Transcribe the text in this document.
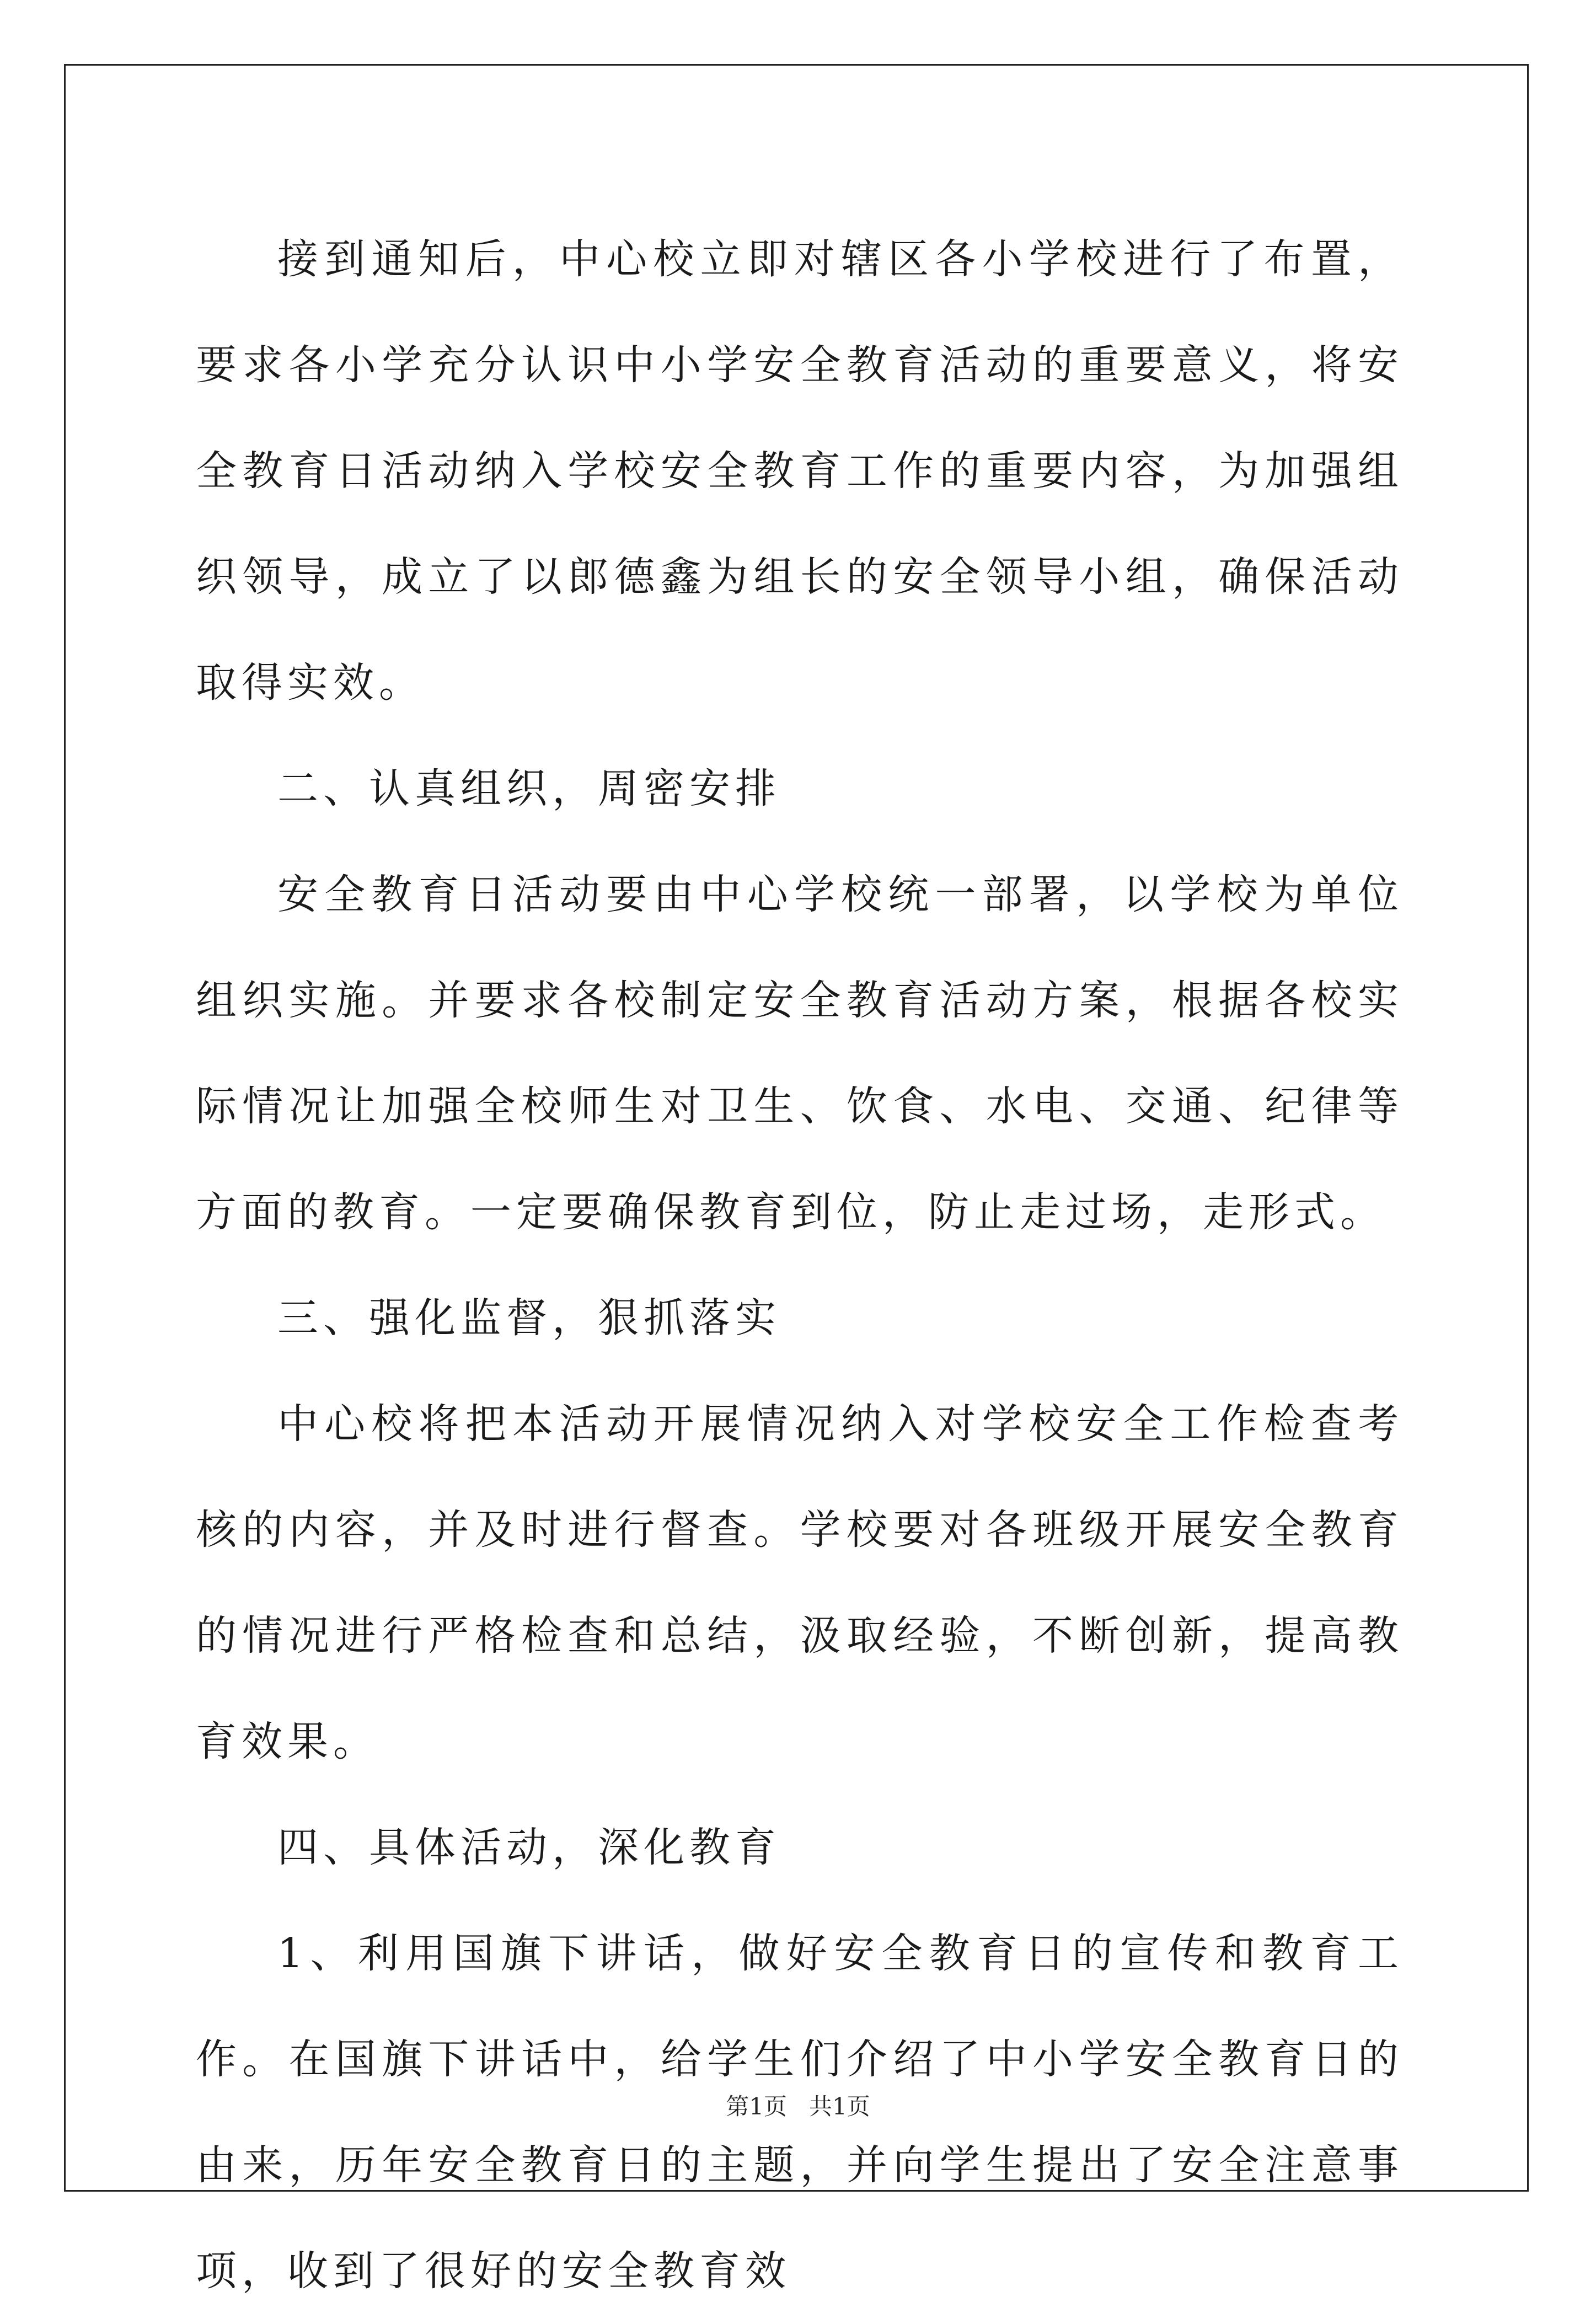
接到通知后，中心校立即对辖区各小学校进行了布置，要求各小学充分认识中小学安全教育活动的重要意义，将安全教育日活动纳入学校安全教育工作的重要内容，为加强组织领导，成立了以郎德鑫为组长的安全领导小组，确保活动取得实效。

二、认真组织，周密安排

安全教育日活动要由中心学校统一部署，以学校为单位组织实施。并要求各校制定安全教育活动方案，根据各校实际情况让加强全校师生对卫生、饮食、水电、交通、纪律等方面的教育。一定要确保教育到位，防止走过场，走形式。

三、强化监督，狠抓落实

中心校将把本活动开展情况纳入对学校安全工作检查考核的内容，并及时进行督查。学校要对各班级开展安全教育的情况进行严格检查和总结，汲取经验，不断创新，提高教育效果。

四、具体活动，深化教育

1、利用国旗下讲话，做好安全教育日的宣传和教育工作。在国旗下讲话中，给学生们介绍了中小学安全教育日的由来，历年安全教育日的主题，并向学生提出了安全注意事项，收到了很好的安全教育效

第1页 共1页
